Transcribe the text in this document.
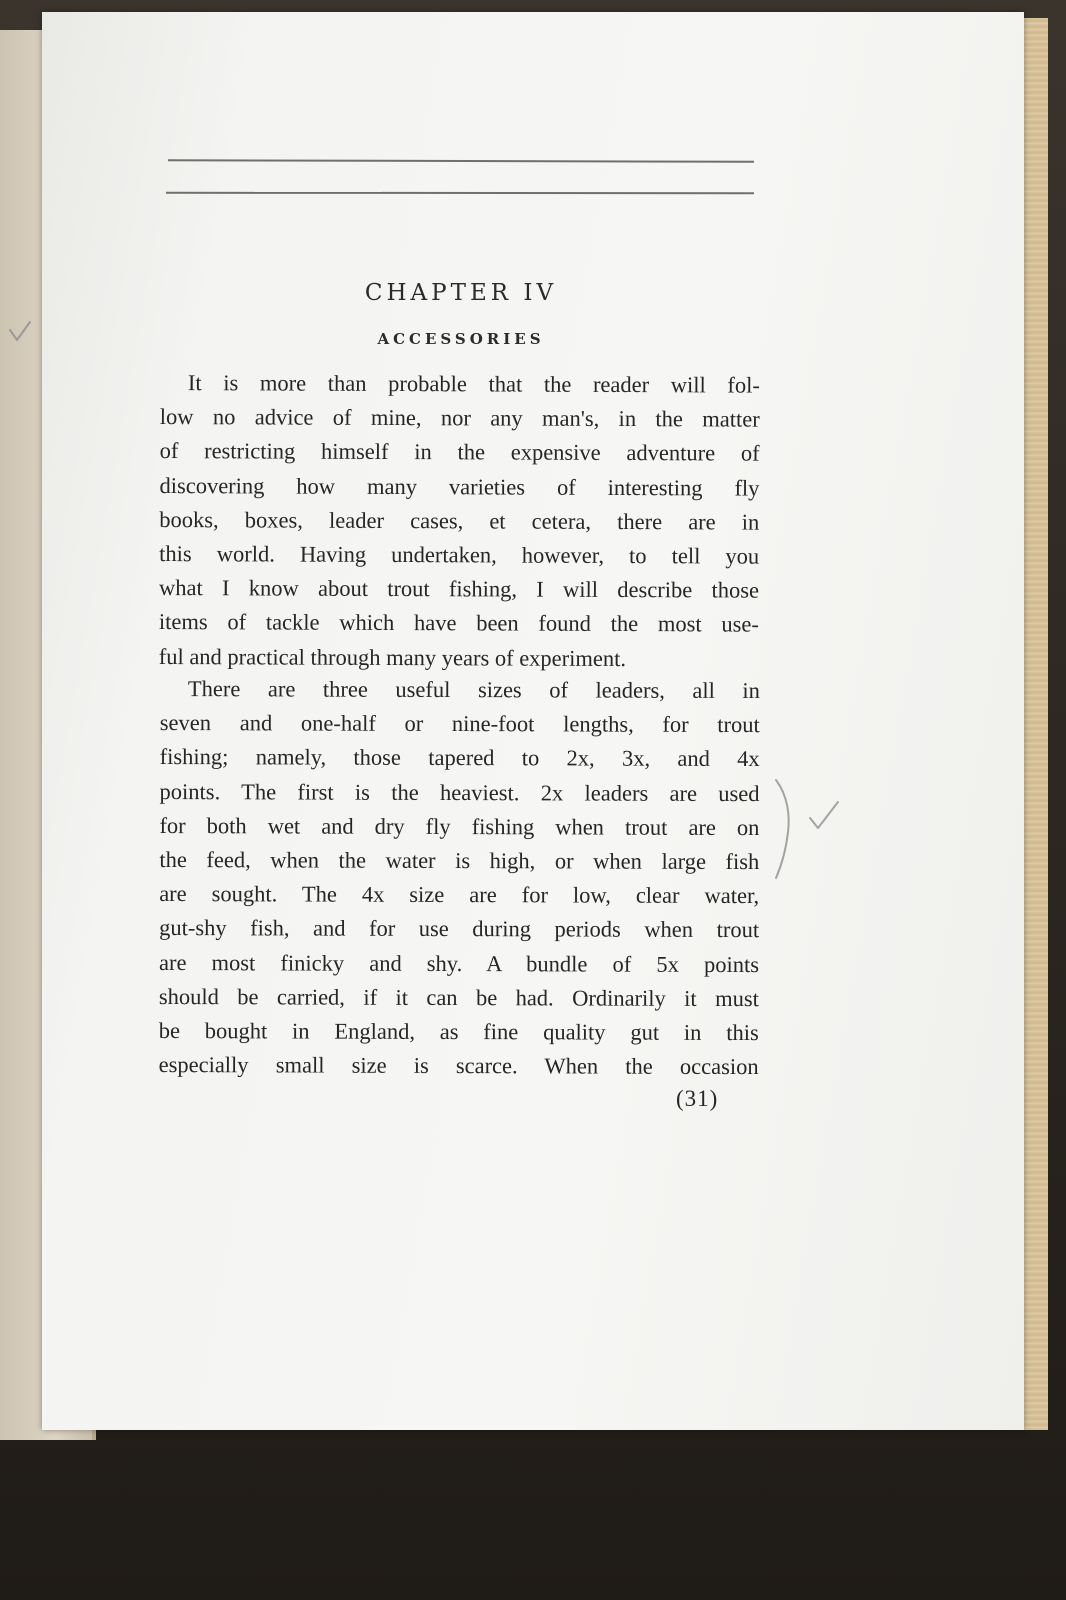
CHAPTER IV
ACCESSORIES
It is more than probable that the reader will fol-
low no advice of mine, nor any man's, in the matter
of restricting himself in the expensive adventure of
discovering how many varieties of interesting fly
books, boxes, leader cases, et cetera, there are in
this world. Having undertaken, however, to tell you
what I know about trout fishing, I will describe those
items of tackle which have been found the most use-
ful and practical through many years of experiment.
There are three useful sizes of leaders, all in
seven and one-half or nine-foot lengths, for trout
fishing; namely, those tapered to 2x, 3x, and 4x
points. The first is the heaviest. 2x leaders are used
for both wet and dry fly fishing when trout are on
the feed, when the water is high, or when large fish
are sought. The 4x size are for low, clear water,
gut-shy fish, and for use during periods when trout
are most finicky and shy. A bundle of 5x points
should be carried, if it can be had. Ordinarily it must
be bought in England, as fine quality gut in this
especially small size is scarce. When the occasion
(31)
